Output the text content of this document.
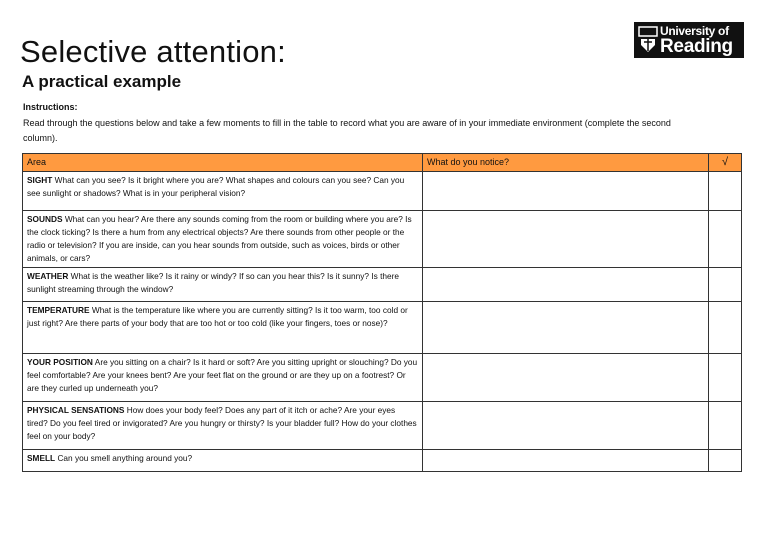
Selective attention:
A practical example
University of
Reading
Instructions:
Read through the questions below and take a few moments to fill in the table to record what you are aware of in your immediate environment (complete the second column).
Area	What do you notice?	√
SIGHT What can you see? Is it bright where you are? What shapes and colours can you see? Can you see sunlight or shadows? What is in your peripheral vision?		
SOUNDS What can you hear? Are there any sounds coming from the room or building where you are? Is the clock ticking? Is there a hum from any electrical objects? Are there sounds from other people or the radio or television? If you are inside, can you hear sounds from outside, such as voices, birds or other animals, or cars?		
WEATHER What is the weather like? Is it rainy or windy? If so can you hear this? Is it sunny? Is there sunlight streaming through the window?		
TEMPERATURE What is the temperature like where you are currently sitting? Is it too warm, too cold or just right? Are there parts of your body that are too hot or too cold (like your fingers, toes or nose)?		
YOUR POSITION Are you sitting on a chair? Is it hard or soft? Are you sitting upright or slouching? Do you feel comfortable? Are your knees bent? Are your feet flat on the ground or are they up on a footrest? Or are they curled up underneath you?		
PHYSICAL SENSATIONS How does your body feel? Does any part of it itch or ache? Are your eyes tired? Do you feel tired or invigorated? Are you hungry or thirsty? Is your bladder full? How do your clothes feel on your body?		
SMELL Can you smell anything around you?		
